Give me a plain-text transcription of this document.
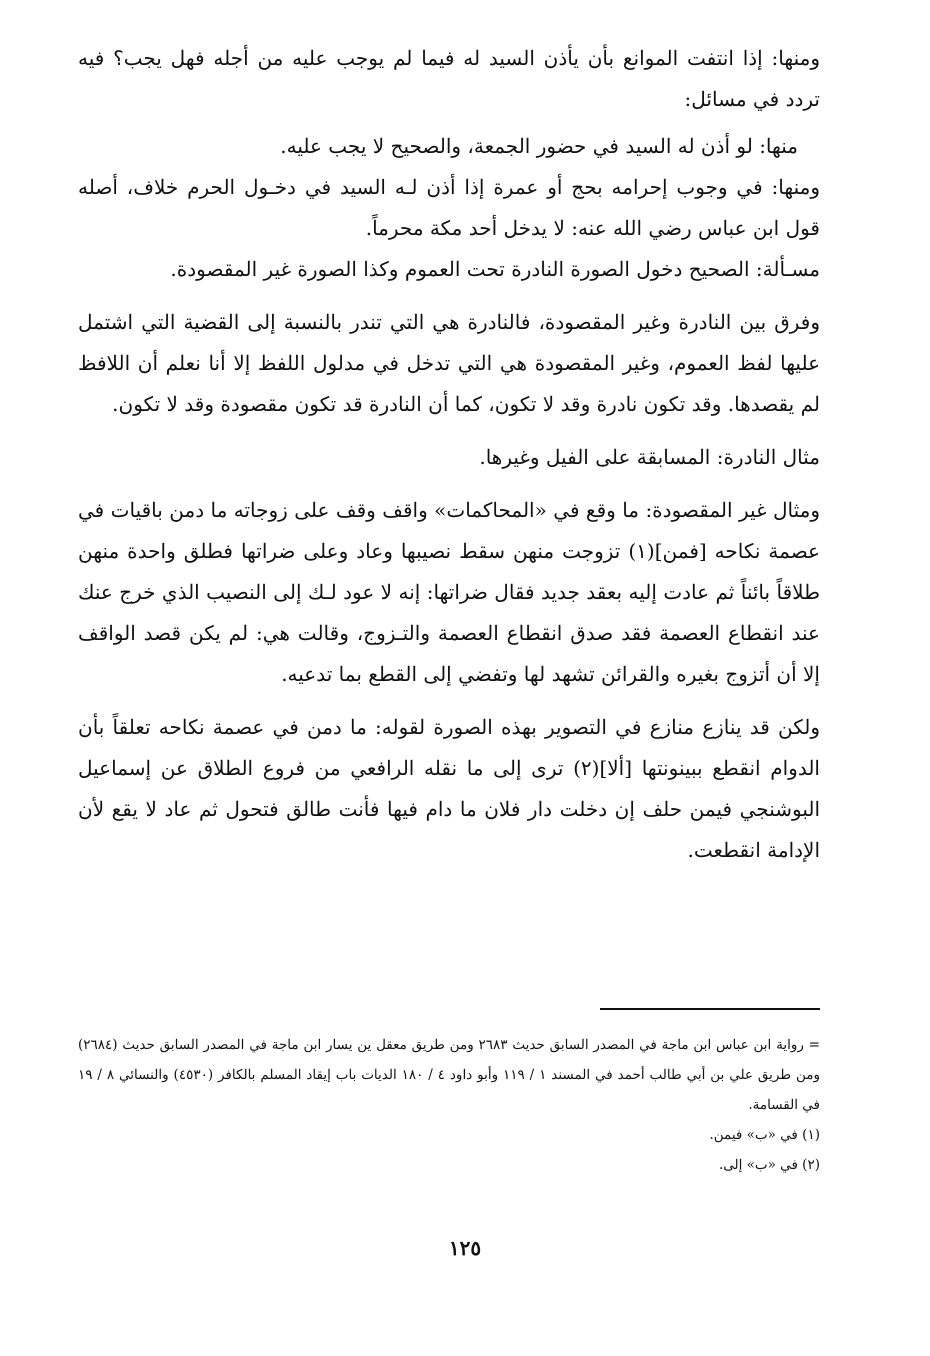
ومنها: إذا انتفت الموانع بأن يأذن السيد له فيما لم يوجب عليه من أجله فهل يجب؟ فيه تردد في مسائل:

منها: لو أذن له السيد في حضور الجمعة، والصحيح لا يجب عليه.

ومنها: في وجوب إحرامه بحج أو عمرة إذا أذن لـه السيد في دخـول الحرم خلاف، أصله قول ابن عباس رضي الله عنه: لا يدخل أحد مكة محرماً.

مسـألة: الصحيح دخول الصورة النادرة تحت العموم وكذا الصورة غير المقصودة.

وفرق بين النادرة وغير المقصودة، فالنادرة هي التي تندر بالنسبة إلى القضية التي اشتمل عليها لفظ العموم، وغير المقصودة هي التي تدخل في مدلول اللفظ إلا أنا نعلم أن اللافظ لم يقصدها. وقد تكون نادرة وقد لا تكون، كما أن النادرة قد تكون مقصودة وقد لا تكون.

مثال النادرة: المسابقة على الفيل وغيرها.

ومثال غير المقصودة: ما وقع في «المحاكمات» واقف وقف على زوجاته ما دمن باقيات في عصمة نكاحه [فمن](١) تزوجت منهن سقط نصيبها وعاد وعلى ضراتها فطلق واحدة منهن طلاقاً بائناً ثم عادت إليه بعقد جديد فقال ضراتها: إنه لا عود لـك إلى النصيب الذي خرج عنك عند انقطاع العصمة فقد صدق انقطاع العصمة والتـزوج، وقالت هي: لم يكن قصد الواقف إلا أن أتزوج بغيره والقرائن تشهد لها وتفضي إلى القطع بما تدعيه.

ولكن قد ينازع منازع في التصوير بهذه الصورة لقوله: ما دمن في عصمة نكاحه تعلقاً بأن الدوام انقطع ببينونتها [ألا](٢) ترى إلى ما نقله الرافعي من فروع الطلاق عن إسماعيل البوشنجي فيمن حلف إن دخلت دار فلان ما دام فيها فأنت طالق فتحول ثم عاد لا يقع لأن الإدامة انقطعت.

= رواية ابن عباس ابن ماجة في المصدر السابق حديث ٢٦٨٣ ومن طريق معقل ين يسار ابن ماجة في المصدر السابق حديث (٢٦٨٤) ومن طريق علي بن أبي طالب أحمد في المسند ١ / ١١٩ وأبو داود ٤ / ١٨٠ الديات باب إيقاد المسلم بالكافر (٤٥٣٠) والنسائي ٨ / ١٩ في القسامة.

(١) في «ب» فيمن.

(٢) في «ب» إلى.

١٢٥
